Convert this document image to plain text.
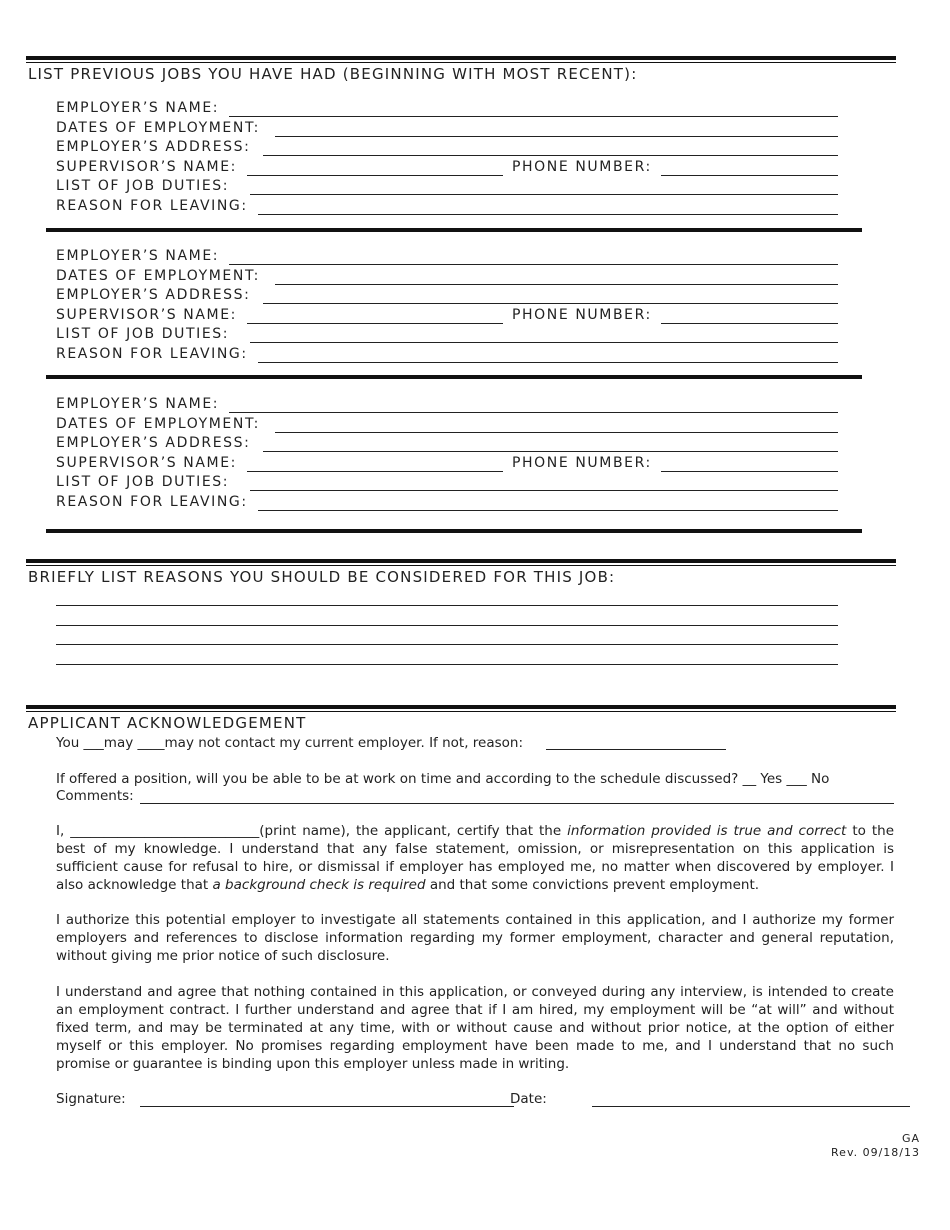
LIST PREVIOUS JOBS YOU HAVE HAD (BEGINNING WITH MOST RECENT):
EMPLOYER’S NAME:
DATES OF EMPLOYMENT:
EMPLOYER’S ADDRESS:
SUPERVISOR’S NAME:	PHONE NUMBER:
LIST OF JOB DUTIES:
REASON FOR LEAVING:
EMPLOYER’S NAME:
DATES OF EMPLOYMENT:
EMPLOYER’S ADDRESS:
SUPERVISOR’S NAME:	PHONE NUMBER:
LIST OF JOB DUTIES:
REASON FOR LEAVING:
EMPLOYER’S NAME:
DATES OF EMPLOYMENT:
EMPLOYER’S ADDRESS:
SUPERVISOR’S NAME:	PHONE NUMBER:
LIST OF JOB DUTIES:
REASON FOR LEAVING:
BRIEFLY LIST REASONS YOU SHOULD BE CONSIDERED FOR THIS JOB:
APPLICANT ACKNOWLEDGEMENT
You ___may ____may not contact my current employer. If not, reason:
If offered a position, will you be able to be at work on time and according to the schedule discussed? __ Yes ___ No
Comments:
I, ____________________________(print name), the applicant, certify that the information provided is true and correct to the best of my knowledge. I understand that any false statement, omission, or misrepresentation on this application is sufficient cause for refusal to hire, or dismissal if employer has employed me, no matter when discovered by employer. I also acknowledge that a background check is required and that some convictions prevent employment.
I authorize this potential employer to investigate all statements contained in this application, and I authorize my former employers and references to disclose information regarding my former employment, character and general reputation, without giving me prior notice of such disclosure.
I understand and agree that nothing contained in this application, or conveyed during any interview, is intended to create an employment contract. I further understand and agree that if I am hired, my employment will be “at will” and without fixed term, and may be terminated at any time, with or without cause and without prior notice, at the option of either myself or this employer. No promises regarding employment have been made to me, and I understand that no such promise or guarantee is binding upon this employer unless made in writing.
Signature:	Date:
GA
Rev. 09/18/13
